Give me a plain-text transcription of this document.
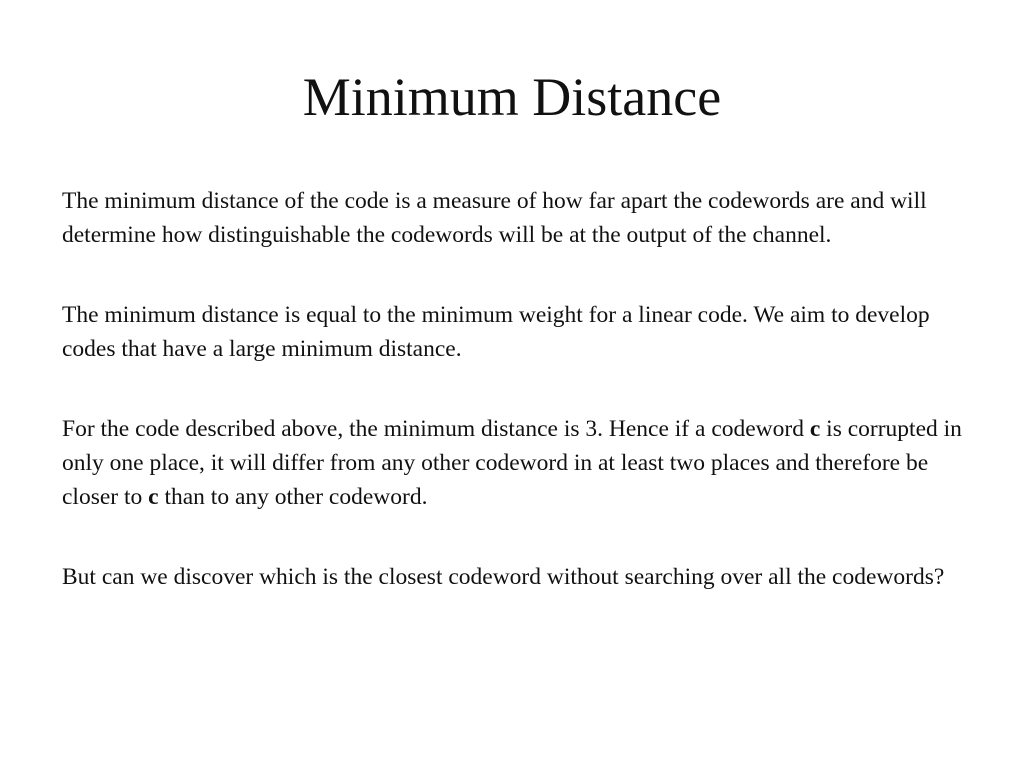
Minimum Distance

The minimum distance of the code is a measure of how far apart the codewords are and will determine how distinguishable the codewords will be at the output of the channel.

The minimum distance is equal to the minimum weight for a linear code. We aim to develop codes that have a large minimum distance.

For the code described above, the minimum distance is 3. Hence if a codeword c is corrupted in only one place, it will differ from any other codeword in at least two places and therefore be closer to c than to any other codeword.

But can we discover which is the closest codeword without searching over all the codewords?
